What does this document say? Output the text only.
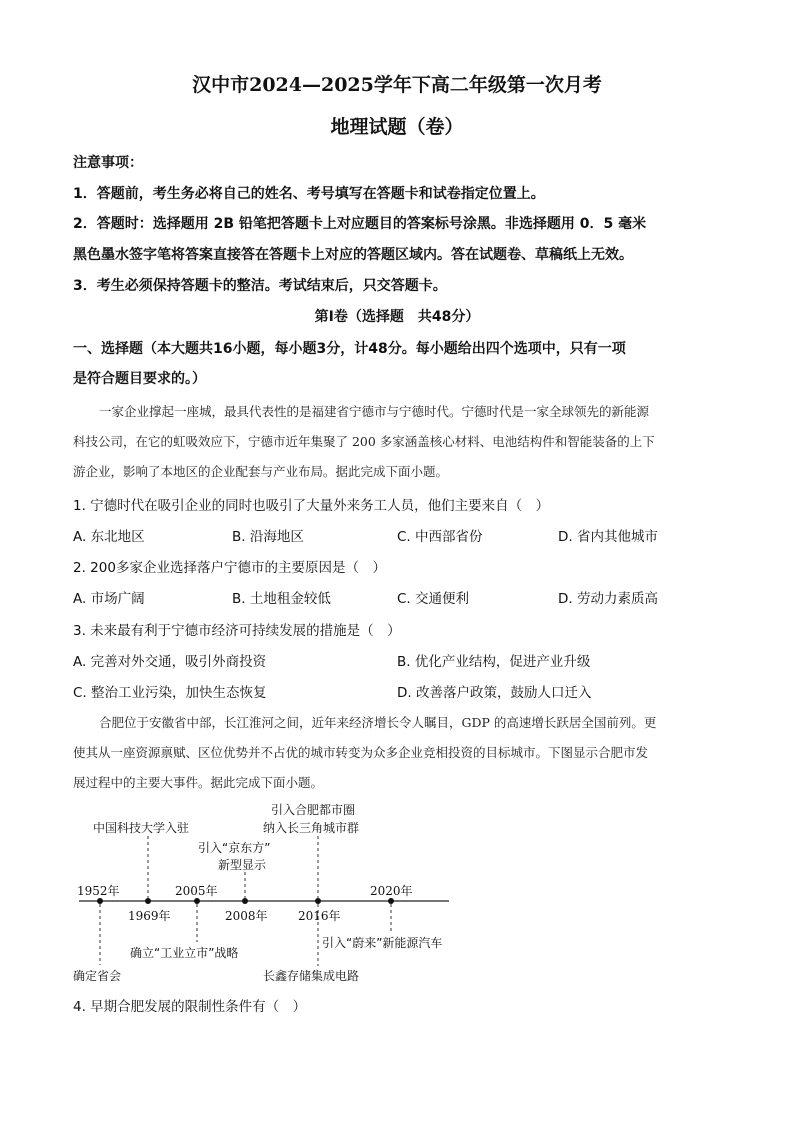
汉中市2024—2025学年下高二年级第一次月考
地理试题（卷）
注意事项：
1．答题前，考生务必将自己的姓名、考号填写在答题卡和试卷指定位置上。
2．答题时：选择题用 2B 铅笔把答题卡上对应题目的答案标号涂黑。非选择题用 0．5 毫米
黑色墨水签字笔将答案直接答在答题卡上对应的答题区域内。答在试题卷、草稿纸上无效。
3．考生必须保持答题卡的整洁。考试结束后，只交答题卡。
第Ⅰ卷（选择题　共48分）
一、选择题（本大题共16小题，每小题3分，计48分。每小题给出四个选项中，只有一项
是符合题目要求的。）
一家企业撑起一座城，最具代表性的是福建省宁德市与宁德时代。宁德时代是一家全球领先的新能源
科技公司，在它的虹吸效应下，宁德市近年集聚了 200 多家涵盖核心材料、电池结构件和智能装备的上下
游企业，影响了本地区的企业配套与产业布局。据此完成下面小题。
1. 宁德时代在吸引企业的同时也吸引了大量外来务工人员，他们主要来自（　）
A. 东北地区	B. 沿海地区	C. 中西部省份	D. 省内其他城市
2. 200多家企业选择落户宁德市的主要原因是（　）
A. 市场广阔	B. 土地租金较低	C. 交通便利	D. 劳动力素质高
3. 未来最有利于宁德市经济可持续发展的措施是（　）
A. 完善对外交通，吸引外商投资	B. 优化产业结构，促进产业升级
C. 整治工业污染，加快生态恢复	D. 改善落户政策，鼓励人口迁入
合肥位于安徽省中部，长江淮河之间，近年来经济增长令人瞩目，GDP 的高速增长跃居全国前列。更
使其从一座资源禀赋、区位优势并不占优的城市转变为众多企业竞相投资的目标城市。下图显示合肥市发
展过程中的主要大事件。据此完成下面小题。
1952年
1969年
2005年
2008年	2016年
2020年
中国科技大学入驻
引入“京东方”
新型显示
引入合肥都市圈
纳入长三角城市群
确立“工业立市”战略
引入“蔚来”新能源汽车
确定省会	长鑫存储集成电路
4. 早期合肥发展的限制性条件有（　）
